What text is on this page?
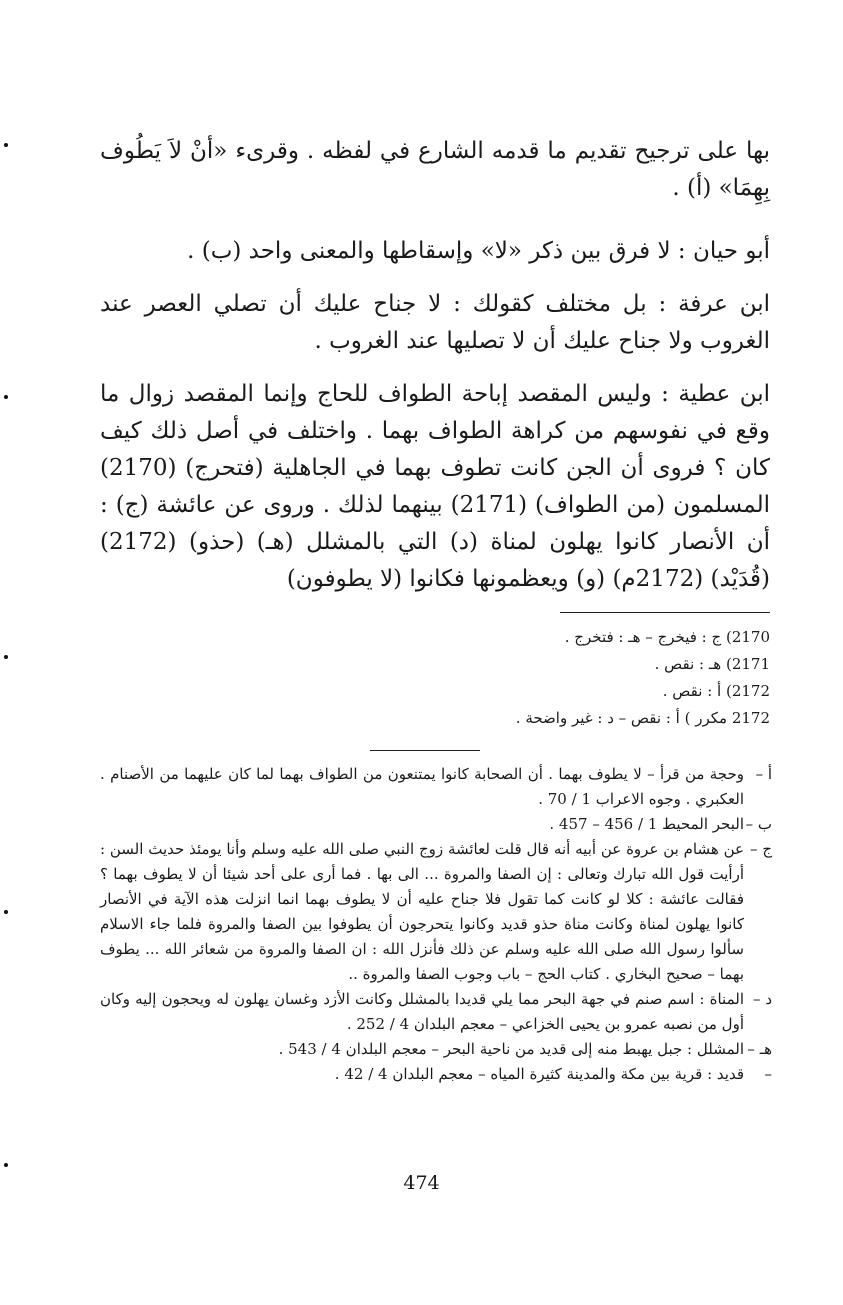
بها على ترجيح تقديم ما قدمه الشارع في لفظه . وقرىء «أنْ لاَ يَطُوف بِهِمَا» (أ) .

أبو حيان : لا فرق بين ذكر «لا» وإسقاطها والمعنى واحد (ب) .

ابن عرفة : بل مختلف كقولك : لا جناح عليك أن تصلي العصر عند الغروب ولا جناح عليك أن لا تصليها عند الغروب .

ابن عطية : وليس المقصد إباحة الطواف للحاج وإنما المقصد زوال ما وقع في نفوسهم من كراهة الطواف بهما . واختلف في أصل ذلك كيف كان ؟ فروى أن الجن كانت تطوف بهما في الجاهلية (فتحرج) (2170) المسلمون (من الطواف) (2171) بينهما لذلك . وروى عن عائشة (ج) : أن الأنصار كانوا يهلون لمناة (د) التي بالمشلل (هـ) (حذو) (2172) (قُدَيْد) (2172م) (و) ويعظمونها فكانوا (لا يطوفون)

2170) ج : فيخرج – هـ : فتخرج .

2171) هـ : نقص .

2172) أ : نقص .

2172 مكرر ) أ : نقص – د : غير واضحة .

أ –
وحجة من قرأ – لا يطوف بهما . أن الصحابة كانوا يمتنعون من الطواف بهما لما كان عليهما من الأصنام . العكبري . وجوه الاعراب 1 / 70 .
ب –
البحر المحيط 1 / 456 – 457 .
ج –
عن هشام بن عروة عن أبيه أنه قال قلت لعائشة زوج النبي صلى الله عليه وسلم وأنا يومئذ حديث السن : أرأيت قول الله تبارك وتعالى : إن الصفا والمروة ... الى بها . فما أرى على أحد شيئا أن لا يطوف بهما ؟ فقالت عائشة : كلا لو كانت كما تقول فلا جناح عليه أن لا يطوف بهما انما انزلت هذه الآية في الأنصار كانوا يهلون لمناة وكانت مناة حذو قديد وكانوا يتحرجون أن يطوفوا بين الصفا والمروة فلما جاء الاسلام سألوا رسول الله صلى الله عليه وسلم عن ذلك فأنزل الله : ان الصفا والمروة من شعائر الله ... يطوف بهما – صحيح البخاري . كتاب الحج – باب وجوب الصفا والمروة ..
د –
المناة : اسم صنم في جهة البحر مما يلي قديدا بالمشلل وكانت الأزد وغسان يهلون له ويحجون إليه وكان أول من نصبه عمرو بن يحيى الخزاعي – معجم البلدان 4 / 252 .
هـ –
المشلل : جبل يهبط منه إلى قديد من ناحية البحر – معجم البلدان 4 / 543 .
–
قديد : قرية بين مكة والمدينة كثيرة المياه – معجم البلدان 4 / 42 .
474
